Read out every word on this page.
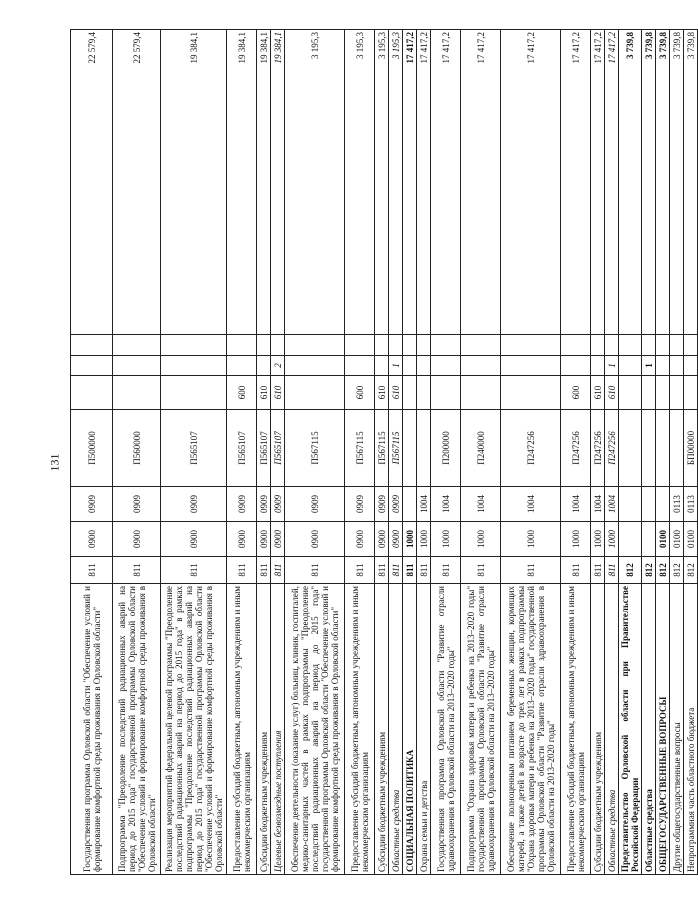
131
Государственная программа Орловской области "Обеспечение условий и формирование комфортной среды проживания в Орловской области"	811	0900	0909	П500000				22 579,4
Подпрограмма "Преодоление последствий радиационных аварий на период до 2015 года" государственной программы Орловской области "Обеспечение условий и формирование комфортной среды проживания в Орловской области"	811	0900	0909	П560000				22 579,4
Реализация мероприятий федеральной целевой программы "Преодоление последствий радиационных аварий на период до 2015 года" в рамках подпрограммы "Преодоление последствий радиационных аварий на период до 2015 года" государственной программы Орловской области "Обеспечение условий и формирование комфортной среды проживания в Орловской области"	811	0900	0909	П565107				19 384,1
Предоставление субсидий бюджетным, автономным учреждениям и иным некоммерческим организациям	811	0900	0909	П565107	600			19 384,1
Субсидии бюджетным учреждениям	811	0900	0909	П565107	610			19 384,1
Целевые безвозмездные поступления	811	0900	0909	П565107	610	2		19 384,1
Обеспечение деятельности (оказание услуг) больниц, клиник, госпиталей, медико-санитарных частей в рамках подпрограммы "Преодоление последствий радиационных аварий на период до 2015 года" государственной программы Орловской области "Обеспечение условий и формирование комфортной среды проживания в Орловской области"	811	0900	0909	П567115				3 195,3
Предоставление субсидий бюджетным, автономным учреждениям и иным некоммерческим организациям	811	0900	0909	П567115	600			3 195,3
Субсидии бюджетным учреждениям	811	0900	0909	П567115	610			3 195,3
Областные средства	811	0900	0909	П567115	610	1		3 195,3
СОЦИАЛЬНАЯ ПОЛИТИКА	811	1000						17 417,2
Охрана семьи и детства	811	1000	1004					17 417,2
Государственная программа Орловской области "Развитие отрасли здравоохранения в Орловской области на 2013–2020 годы"	811	1000	1004	П200000				17 417,2
Подпрограмма "Охрана здоровья матери и ребенка на 2013–2020 годы" государственной программы Орловской области "Развитие отрасли здравоохранения в Орловской области на 2013–2020 годы"	811	1000	1004	П240000				17 417,2
Обеспечение полноценным питанием беременных женщин, кормящих матерей, а также детей в возрасте до трех лет в рамках подпрограммы "Охрана здоровья матери и ребенка на 2013–2020 годы" государственной программы Орловской области "Развитие отрасли здравоохранения в Орловской области на 2013–2020 годы"	811	1000	1004	П247256				17 417,2
Предоставление субсидий бюджетным, автономным учреждениям и иным некоммерческим организациям	811	1000	1004	П247256	600			17 417,2
Субсидии бюджетным учреждениям	811	1000	1004	П247256	610			17 417,2
Областные средства	811	1000	1004	П247256	610	1		17 417,2
Представительство Орловской области при Правительстве Российской Федерации	812							3 739,8
Областные средства	812					1		3 739,8
ОБЩЕГОСУДАРСТВЕННЫЕ ВОПРОСЫ	812	0100						3 739,8
Другие общегосударственные вопросы	812	0100	0113					3 739,8
Непрограммная часть областного бюджета	812	0100	0113	БП00000				3 739,8
